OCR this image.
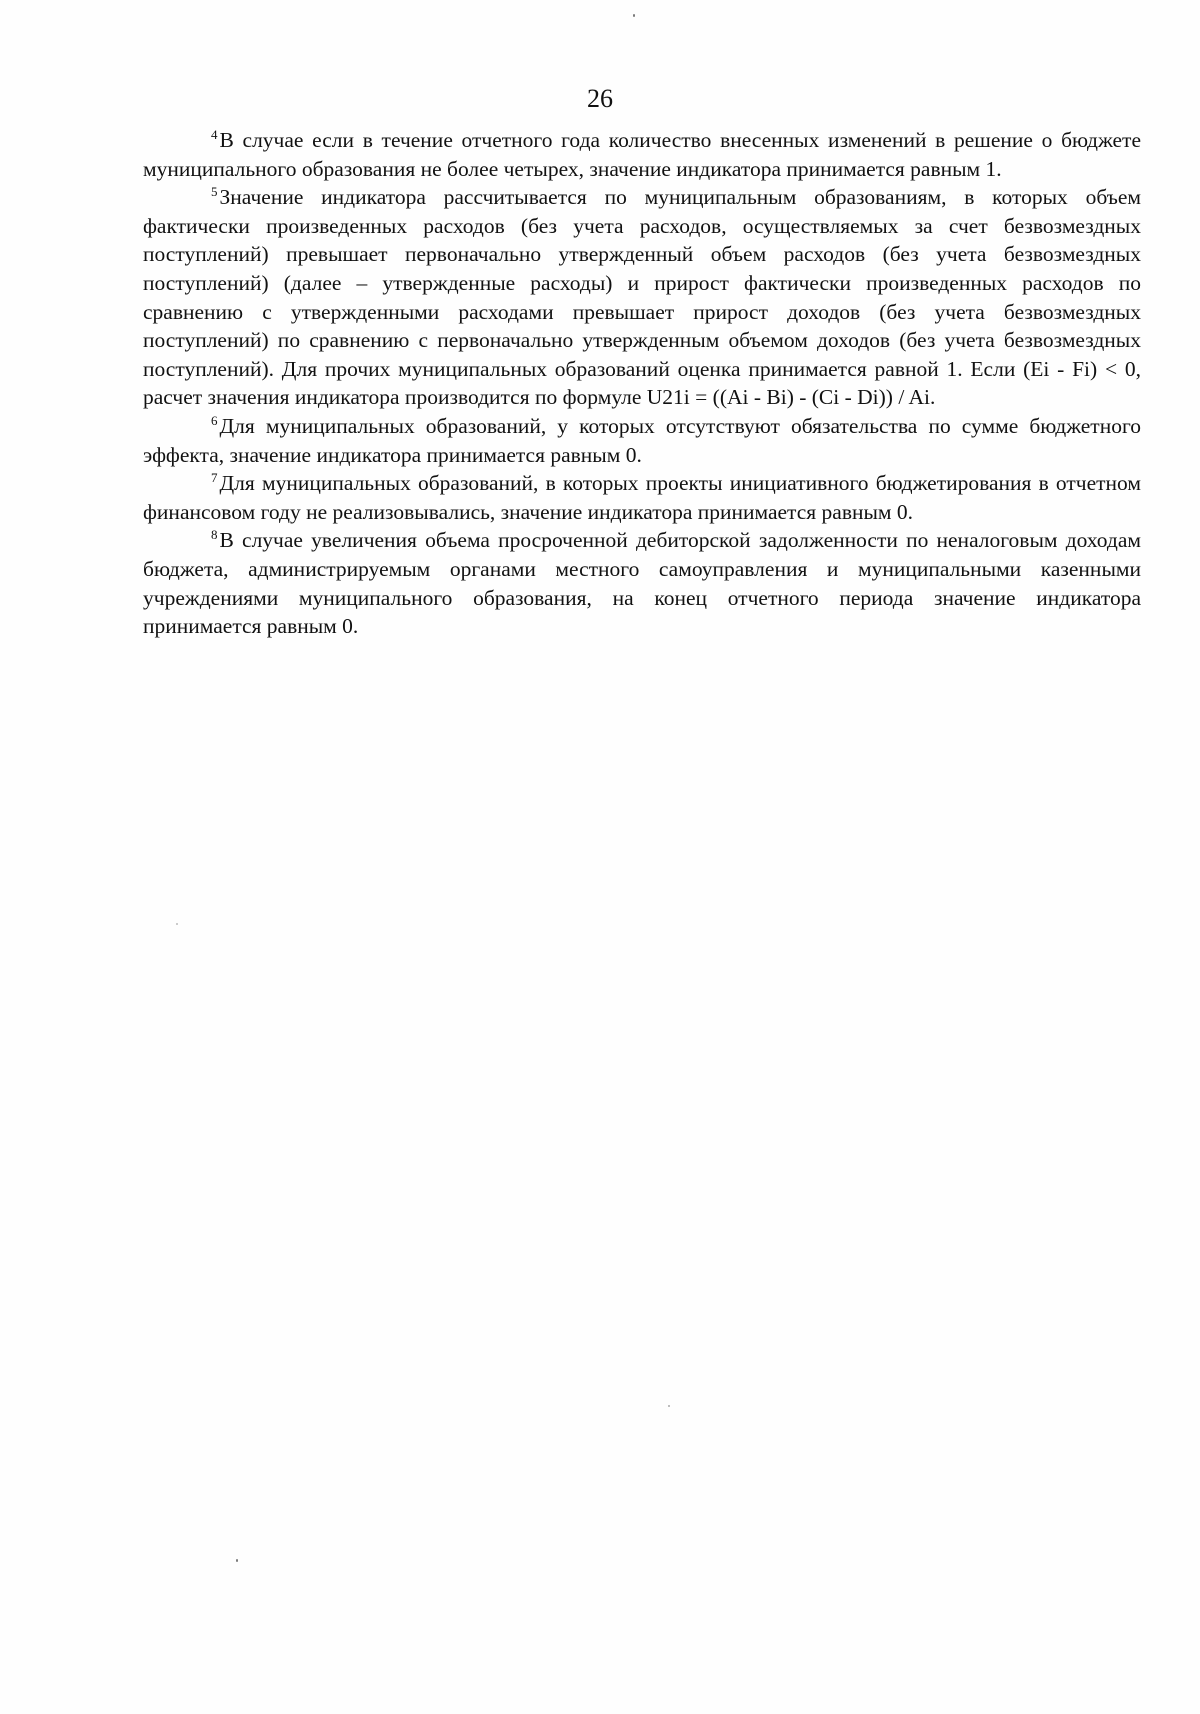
26

$^4$В случае если в течение отчетного года количество внесенных изменений в решение о бюджете муниципального образования не более четырех, значение индикатора принимается равным 1.

$^5$Значение индикатора рассчитывается по муниципальным образованиям, в которых объем фактически произведенных расходов (без учета расходов, осуществляемых за счет безвозмездных поступлений) превышает первоначально утвержденный объем расходов (без учета безвозмездных поступлений) (далее – утвержденные расходы) и прирост фактически произведенных расходов по сравнению с утвержденными расходами превышает прирост доходов (без учета безвозмездных поступлений) по сравнению с первоначально утвержденным объемом доходов (без учета безвозмездных поступлений). Для прочих муниципальных образований оценка принимается равной 1. Если (Ei - Fi) < 0, расчет значения индикатора производится по формуле U21i = ((Ai - Bi) - (Ci - Di)) / Ai.

$^6$Для муниципальных образований, у которых отсутствуют обязательства по сумме бюджетного эффекта, значение индикатора принимается равным 0.

$^7$Для муниципальных образований, в которых проекты инициативного бюджетирования в отчетном финансовом году не реализовывались, значение индикатора принимается равным 0.

$^8$В случае увеличения объема просроченной дебиторской задолженности по неналоговым доходам бюджета, администрируемым органами местного самоуправления и муниципальными казенными учреждениями муниципального образования, на конец отчетного периода значение индикатора принимается равным 0.
